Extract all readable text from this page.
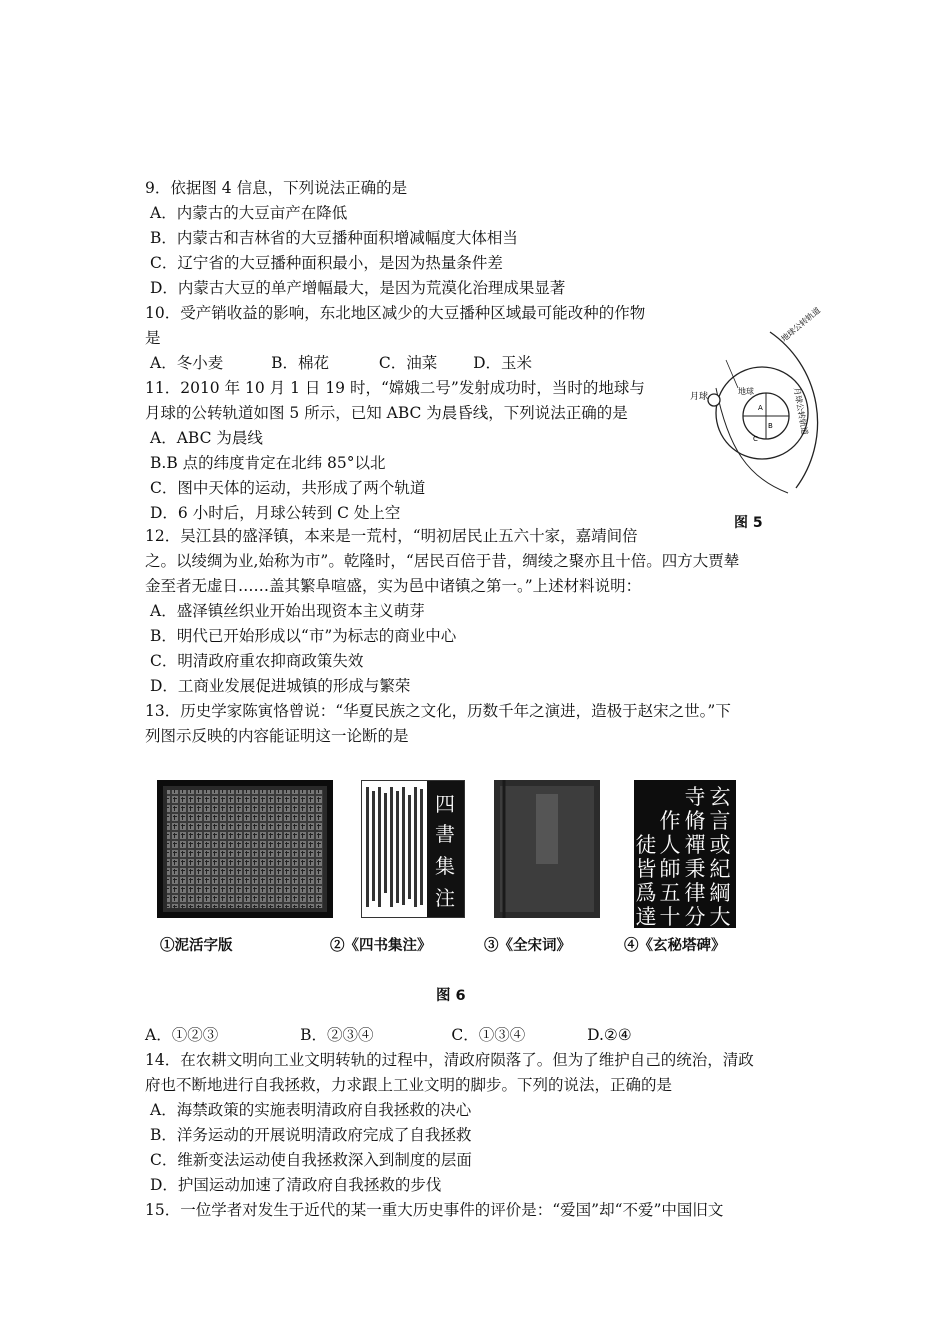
9．依据图 4 信息，下列说法正确的是
A．内蒙古的大豆亩产在降低
B．内蒙古和吉林省的大豆播种面积增减幅度大体相当
C．辽宁省的大豆播种面积最小，是因为热量条件差
D．内蒙古大豆的单产增幅最大，是因为荒漠化治理成果显著
10．受产销收益的影响，东北地区减少的大豆播种区域最可能改种的作物
是
A．冬小麦	B．棉花	C．油菜 D．玉米
11．2010 年 10 月 1 日 19 时，“嫦娥二号”发射成功时，当时的地球与
月球的公转轨道如图 5 所示，已知 ABC 为晨昏线，下列说法正确的是
A．ABC 为晨线
B.B 点的纬度肯定在北纬 85°以北
C．图中天体的运动，共形成了两个轨道
D．6 小时后，月球公转到 C 处上空
月球
地球
A
B
C
地球公转轨道
月球公转轨道
图 5
12．吴江县的盛泽镇，本来是一荒村，“明初居民止五六十家，嘉靖间倍
之。以绫绸为业,始称为市”。乾隆时，“居民百倍于昔，绸绫之聚亦且十倍。四方大贾辇
金至者无虚日……盖其繁阜喧盛，实为邑中诸镇之第一。”上述材料说明：
A．盛泽镇丝织业开始出现资本主义萌芽
B．明代已开始形成以“市”为标志的商业中心
C．明清政府重农抑商政策失效
D．工商业发展促进城镇的形成与繁荣
13．历史学家陈寅恪曾说：“华夏民族之文化，历数千年之演进，造极于赵宋之世。”下
列图示反映的内容能证明这一论断的是
四
書
集
注
玄
言
或
紀
綱
大
寺
脩
禪
秉
律
分
作
人
師
五
十
徒
皆
爲
達
①泥活字版	②《四书集注》	③《全宋词》	④《玄秘塔碑》
图 6
A．①②③	B．②③④	C．①③④	D.②④
14．在农耕文明向工业文明转轨的过程中，清政府陨落了。但为了维护自己的统治，清政
府也不断地进行自我拯救，力求跟上工业文明的脚步。下列的说法，正确的是
A．海禁政策的实施表明清政府自我拯救的决心
B．洋务运动的开展说明清政府完成了自我拯救
C．维新变法运动使自我拯救深入到制度的层面
D．护国运动加速了清政府自我拯救的步伐
15．一位学者对发生于近代的某一重大历史事件的评价是：“爱国”却“不爱”中国旧文
